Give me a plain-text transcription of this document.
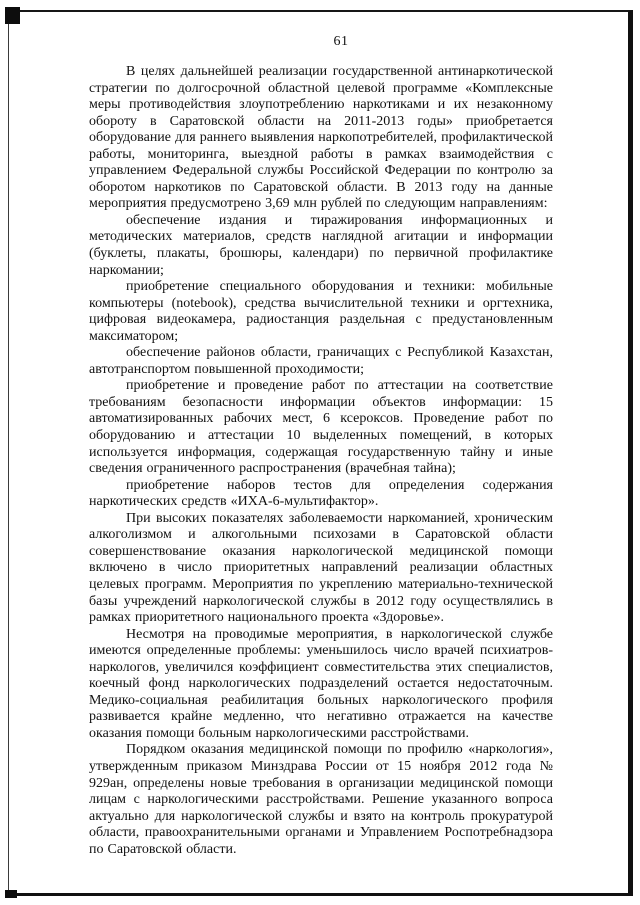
61

В целях дальнейшей реализации государственной антинаркотической стратегии по долгосрочной областной целевой программе «Комплексные меры противодействия злоупотреблению наркотиками и их незаконному обороту в Саратовской области на 2011-2013 годы» приобретается оборудование для раннего выявления наркопотребителей, профилактической работы, мониторинга, выездной работы в рамках взаимодействия с управлением Федеральной службы Российской Федерации по контролю за оборотом наркотиков по Саратовской области. В 2013 году на данные мероприятия предусмотрено 3,69 млн рублей по следующим направлениям:

обеспечение издания и тиражирования информационных и методических материалов, средств наглядной агитации и информации (буклеты, плакаты, брошюры, календари) по первичной профилактике наркомании;

приобретение специального оборудования и техники: мобильные компьютеры (notebook), средства вычислительной техники и оргтехника, цифровая видеокамера, радиостанция раздельная с предустановленным максиматором;

обеспечение районов области, граничащих с Республикой Казахстан, автотранспортом повышенной проходимости;

приобретение и проведение работ по аттестации на соответствие требованиям безопасности информации объектов информации: 15 автоматизированных рабочих мест, 6 ксероксов. Проведение работ по оборудованию и аттестации 10 выделенных помещений, в которых используется информация, содержащая государственную тайну и иные сведения ограниченного распространения (врачебная тайна);

приобретение наборов тестов для определения содержания наркотических средств «ИХА-6-мультифактор».

При высоких показателях заболеваемости наркоманией, хроническим алкоголизмом и алкогольными психозами в Саратовской области совершенствование оказания наркологической медицинской помощи включено в число приоритетных направлений реализации областных целевых программ. Мероприятия по укреплению материально-технической базы учреждений наркологической службы в 2012 году осуществлялись в рамках приоритетного национального проекта «Здоровье».

Несмотря на проводимые мероприятия, в наркологической службе имеются определенные проблемы: уменьшилось число врачей психиатров-наркологов, увеличился коэффициент совместительства этих специалистов, коечный фонд наркологических подразделений остается недостаточным. Медико-социальная реабилитация больных наркологического профиля развивается крайне медленно, что негативно отражается на качестве оказания помощи больным наркологическими расстройствами.

Порядком оказания медицинской помощи по профилю «наркология», утвержденным приказом Минздрава России от 15 ноября 2012 года № 929ан, определены новые требования в организации медицинской помощи лицам с наркологическими расстройствами. Решение указанного вопроса актуально для наркологической службы и взято на контроль прокуратурой области, правоохранительными органами и Управлением Роспотребнадзора по Саратовской области.
